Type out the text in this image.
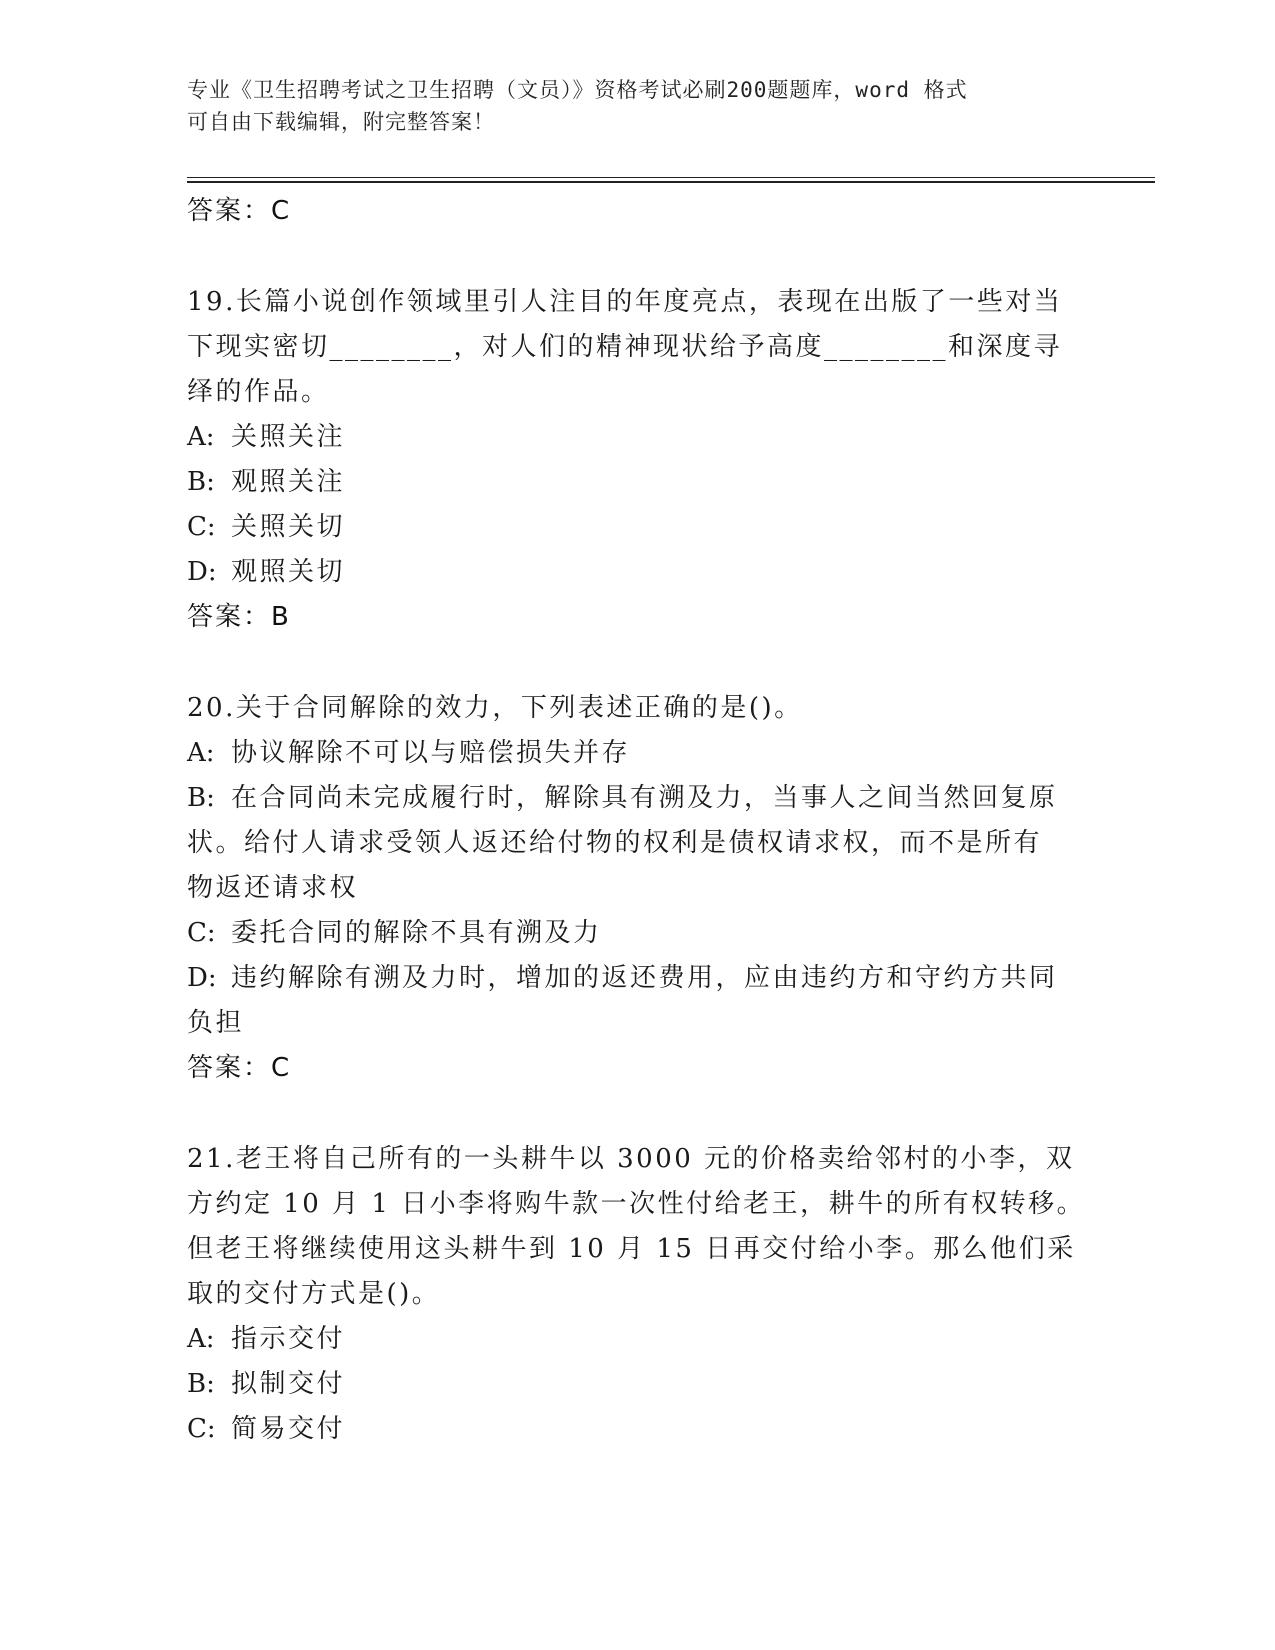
专业《卫生招聘考试之卫生招聘（文员）》资格考试必刷200题题库，word 格式
可自由下载编辑，附完整答案！
答案：C
19.长篇小说创作领域里引人注目的年度亮点，表现在出版了一些对当
下现实密切________，对人们的精神现状给予高度________和深度寻
绎的作品。
A: 关照关注
B: 观照关注
C: 关照关切
D: 观照关切
答案：B
20.关于合同解除的效力，下列表述正确的是()。
A: 协议解除不可以与赔偿损失并存
B: 在合同尚未完成履行时，解除具有溯及力，当事人之间当然回复原
状。给付人请求受领人返还给付物的权利是债权请求权，而不是所有
物返还请求权
C: 委托合同的解除不具有溯及力
D: 违约解除有溯及力时，增加的返还费用，应由违约方和守约方共同
负担
答案：C
21.老王将自己所有的一头耕牛以 3000 元的价格卖给邻村的小李，双
方约定 10 月 1 日小李将购牛款一次性付给老王，耕牛的所有权转移。
但老王将继续使用这头耕牛到 10 月 15 日再交付给小李。那么他们采
取的交付方式是()。
A: 指示交付
B: 拟制交付
C: 简易交付
